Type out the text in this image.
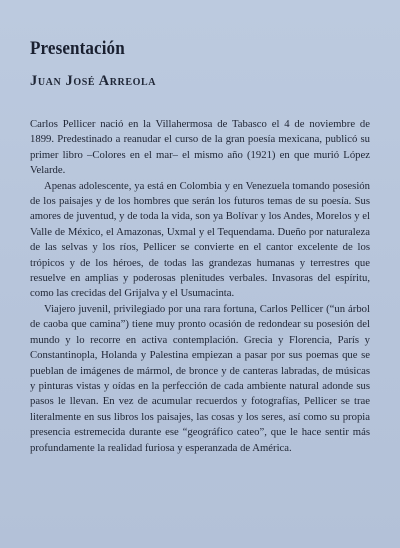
Presentación
Juan José Arreola

Carlos Pellicer nació en la Villahermosa de Tabasco el 4 de noviembre de 1899. Predestinado a reanudar el curso de la gran poesía mexicana, publicó su primer libro –Colores en el mar– el mismo año (1921) en que murió López Velarde.

Apenas adolescente, ya está en Colombia y en Venezuela tomando posesión de los paisajes y de los hombres que serán los futuros temas de su poesía. Sus amores de juventud, y de toda la vida, son ya Bolívar y los Andes, Morelos y el Valle de México, el Amazonas, Uxmal y el Tequendama. Dueño por naturaleza de las selvas y los ríos, Pellicer se convierte en el cantor excelente de los trópicos y de los héroes, de todas las grandezas humanas y terrestres que resuelve en amplias y poderosas plenitudes verbales. Invasoras del espíritu, como las crecidas del Grijalva y el Usumacinta.

Viajero juvenil, privilegiado por una rara fortuna, Carlos Pellicer (“un árbol de caoba que camina”) tiene muy pronto ocasión de redondear su posesión del mundo y lo recorre en activa contemplación. Grecia y Florencia, París y Constantinopla, Holanda y Palestina empiezan a pasar por sus poemas que se pueblan de imágenes de mármol, de bronce y de canteras labradas, de músicas y pinturas vistas y oídas en la perfección de cada ambiente natural adonde sus pasos le llevan. En vez de acumular recuerdos y fotografías, Pellicer se trae literalmente en sus libros los paisajes, las cosas y los seres, así como su propia presencia estremecida durante ese “geográfico cateo”, que le hace sentir más profundamente la realidad furiosa y esperanzada de América.
